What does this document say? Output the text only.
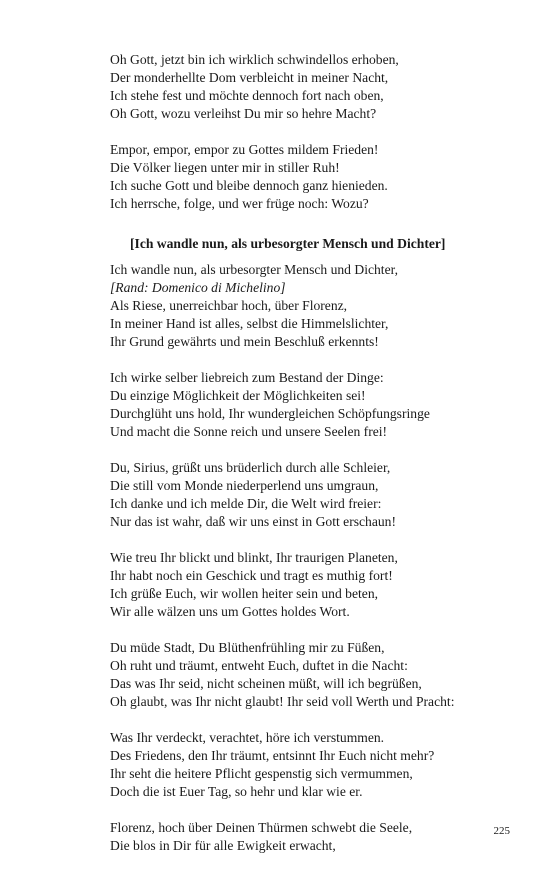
Oh Gott, jetzt bin ich wirklich schwindellos erhoben,
Der monderhellte Dom verbleicht in meiner Nacht,
Ich stehe fest und möchte dennoch fort nach oben,
Oh Gott, wozu verleihst Du mir so hehre Macht?
Empor, empor, empor zu Gottes mildem Frieden!
Die Völker liegen unter mir in stiller Ruh!
Ich suche Gott und bleibe dennoch ganz hienieden.
Ich herrsche, folge, und wer früge noch: Wozu?
[Ich wandle nun, als urbesorgter Mensch und Dichter]
Ich wandle nun, als urbesorgter Mensch und Dichter,
[Rand: Domenico di Michelino]
Als Riese, unerreichbar hoch, über Florenz,
In meiner Hand ist alles, selbst die Himmelslichter,
Ihr Grund gewährts und mein Beschluß erkennts!
Ich wirke selber liebreich zum Bestand der Dinge:
Du einzige Möglichkeit der Möglichkeiten sei!
Durchglüht uns hold, Ihr wundergleichen Schöpfungsringe
Und macht die Sonne reich und unsere Seelen frei!
Du, Sirius, grüßt uns brüderlich durch alle Schleier,
Die still vom Monde niederperlend uns umgraun,
Ich danke und ich melde Dir, die Welt wird freier:
Nur das ist wahr, daß wir uns einst in Gott erschaun!
Wie treu Ihr blickt und blinkt, Ihr traurigen Planeten,
Ihr habt noch ein Geschick und tragt es muthig fort!
Ich grüße Euch, wir wollen heiter sein und beten,
Wir alle wälzen uns um Gottes holdes Wort.
Du müde Stadt, Du Blüthenfrühling mir zu Füßen,
Oh ruht und träumt, entweht Euch, duftet in die Nacht:
Das was Ihr seid, nicht scheinen müßt, will ich begrüßen,
Oh glaubt, was Ihr nicht glaubt! Ihr seid voll Werth und Pracht:
Was Ihr verdeckt, verachtet, höre ich verstummen.
Des Friedens, den Ihr träumt, entsinnt Ihr Euch nicht mehr?
Ihr seht die heitere Pflicht gespenstig sich vermummen,
Doch die ist Euer Tag, so hehr und klar wie er.
Florenz, hoch über Deinen Thürmen schwebt die Seele,
Die blos in Dir für alle Ewigkeit erwacht,
225
